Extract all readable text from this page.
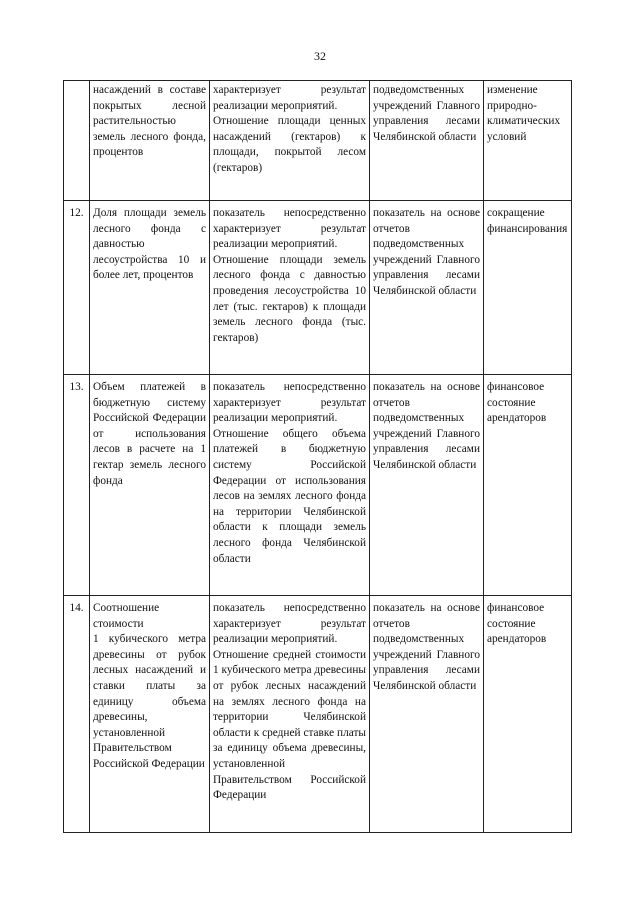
32

	насаждений в составе покрытых лесной растительностью земель лесного фонда, процентов	характеризует результат реализации мероприятий.
Отношение площади ценных насаждений (гектаров) к площади, покрытой лесом (гектаров)	подведомственных учреждений Главного управления лесами Челябинской области	изменение природно-климатических условий

12.	Доля площади земель лесного фонда с давностью лесоустройства 10 и более лет, процентов	показатель непосредственно характеризует результат реализации мероприятий.
Отношение площади земель лесного фонда с давностью проведения лесоустройства 10 лет (тыс. гектаров) к площади земель лесного фонда (тыс. гектаров)	показатель на основе отчетов подведомственных учреждений Главного управления лесами Челябинской области	сокращение финансирования

13.	Объем платежей в бюджетную систему Российской Федерации от использования лесов в расчете на 1 гектар земель лесного фонда	показатель непосредственно характеризует результат реализации мероприятий.
Отношение общего объема платежей в бюджетную систему Российской Федерации от использования лесов на землях лесного фонда на территории Челябинской области к площади земель лесного фонда Челябинской области	показатель на основе отчетов подведомственных учреждений Главного управления лесами Челябинской области	финансовое состояние арендаторов

14.	Соотношение стоимости
1 кубического метра древесины от рубок лесных насаждений и ставки платы за единицу объема древесины, установленной Правительством Российской Федерации	показатель непосредственно характеризует результат реализации мероприятий.
Отношение средней стоимости 1 кубического метра древесины от рубок лесных насаждений на землях лесного фонда на территории Челябинской области к средней ставке платы за единицу объема древесины, установленной Правительством Российской Федерации	показатель на основе отчетов подведомственных учреждений Главного управления лесами Челябинской области	финансовое состояние арендаторов
